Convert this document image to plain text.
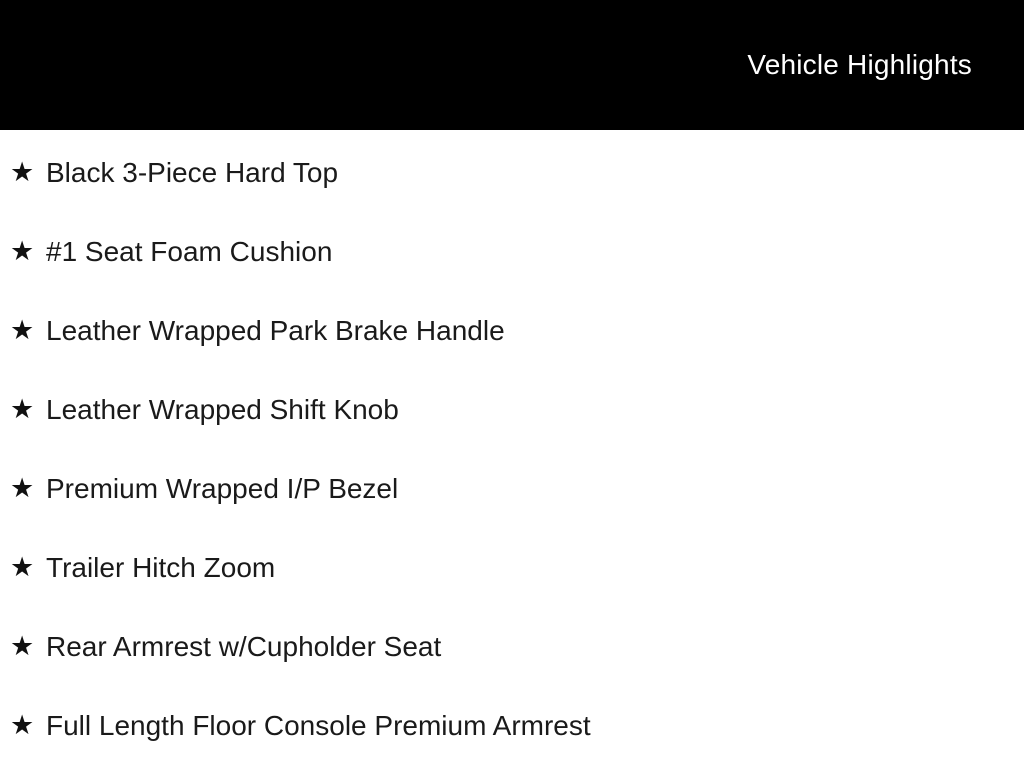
Vehicle Highlights
★ Black 3-Piece Hard Top
★ #1 Seat Foam Cushion
★ Leather Wrapped Park Brake Handle
★ Leather Wrapped Shift Knob
★ Premium Wrapped I/P Bezel
★ Trailer Hitch Zoom
★ Rear Armrest w/Cupholder Seat
★ Full Length Floor Console Premium Armrest
